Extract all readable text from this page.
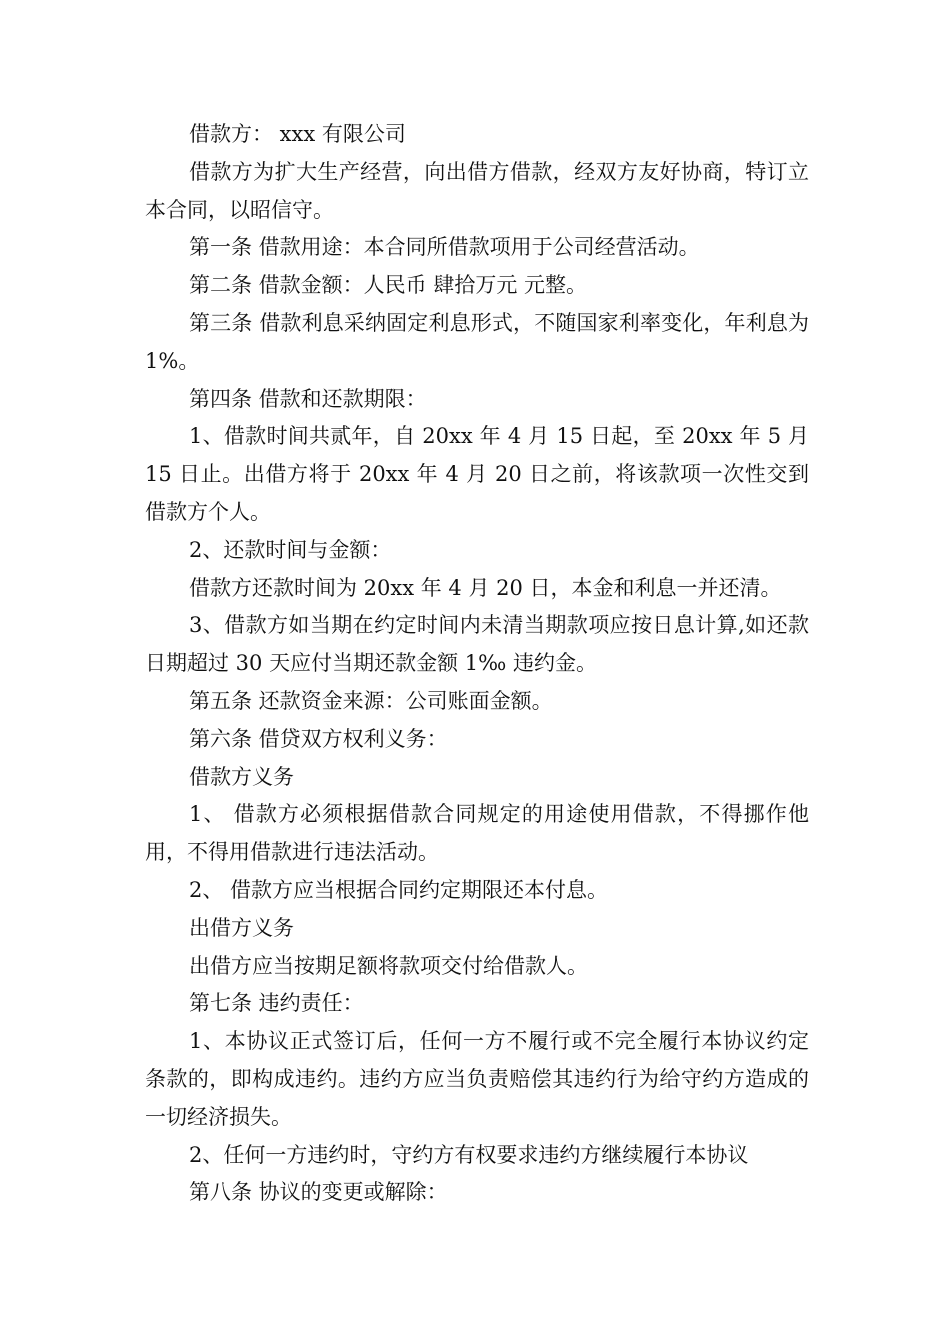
借款方： xxx 有限公司

借款方为扩大生产经营，向出借方借款，经双方友好协商，特订立本合同，以昭信守。

第一条 借款用途：本合同所借款项用于公司经营活动。

第二条 借款金额：人民币 肆拾万元 元整。

第三条 借款利息采纳固定利息形式，不随国家利率变化，年利息为 1%。

第四条 借款和还款期限：

1、借款时间共贰年，自 20xx 年 4 月 15 日起，至 20xx 年 5 月 15 日止。出借方将于 20xx 年 4 月 20 日之前，将该款项一次性交到借款方个人。

2、还款时间与金额：

借款方还款时间为 20xx 年 4 月 20 日，本金和利息一并还清。

3、借款方如当期在约定时间内未清当期款项应按日息计算,如还款日期超过 30 天应付当期还款金额 1‰ 违约金。

第五条 还款资金来源：公司账面金额。

第六条 借贷双方权利义务：

借款方义务

1、 借款方必须根据借款合同规定的用途使用借款，不得挪作他用，不得用借款进行违法活动。

2、 借款方应当根据合同约定期限还本付息。

出借方义务

出借方应当按期足额将款项交付给借款人。

第七条 违约责任：

1、本协议正式签订后，任何一方不履行或不完全履行本协议约定条款的，即构成违约。违约方应当负责赔偿其违约行为给守约方造成的一切经济损失。

2、任何一方违约时，守约方有权要求违约方继续履行本协议

第八条 协议的变更或解除：
